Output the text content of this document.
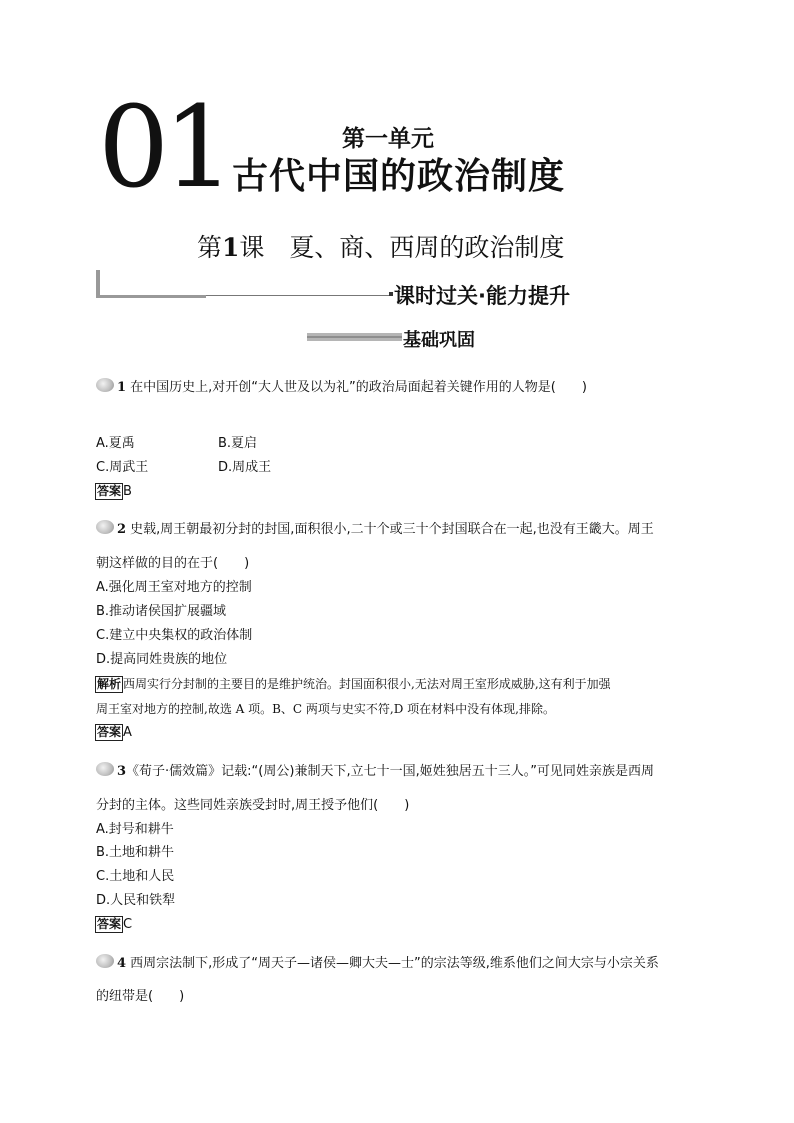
01	第一单元
古代中国的政治制度
第1课　夏、商、西周的政治制度
课时过关·能力提升
基础巩固
1 在中国历史上,对开创“大人世及以为礼”的政治局面起着关键作用的人物是(　　)
A.夏禹	B.夏启
C.周武王	D.周成王
答案 B
2 史载,周王朝最初分封的封国,面积很小,二十个或三十个封国联合在一起,也没有王畿大。周王
朝这样做的目的在于(　　)
A.强化周王室对地方的控制
B.推动诸侯国扩展疆域
C.建立中央集权的政治体制
D.提高同姓贵族的地位
解析 西周实行分封制的主要目的是维护统治。封国面积很小,无法对周王室形成威胁,这有利于加强
周王室对地方的控制,故选 A 项。B、C 两项与史实不符,D 项在材料中没有体现,排除。
答案 A
3《荀子·儒效篇》记载:“(周公)兼制天下,立七十一国,姬姓独居五十三人。”可见同姓亲族是西周
分封的主体。这些同姓亲族受封时,周王授予他们(　　)
A.封号和耕牛
B.土地和耕牛
C.土地和人民
D.人民和铁犁
答案 C
4 西周宗法制下,形成了“周天子—诸侯—卿大夫—士”的宗法等级,维系他们之间大宗与小宗关系
的纽带是(　　)
